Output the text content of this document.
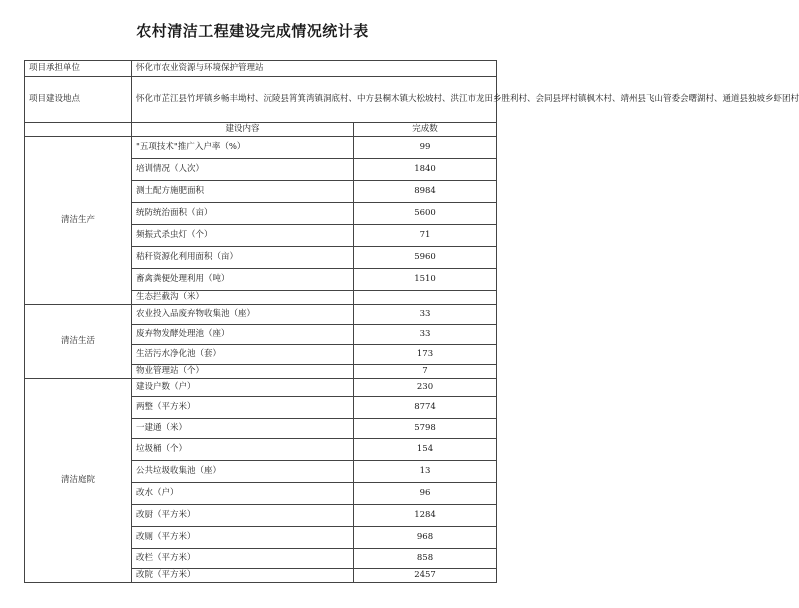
农村清洁工程建设完成情况统计表
项目承担单位	怀化市农业资源与环境保护管理站	
项目建设地点	怀化市芷江县竹坪镇乡畅丰坳村、沅陵县筲箕湾镇洞底村、中方县桐木镇大松坡村、洪江市龙田乡胜利村、会同县坪村镇枫木村、靖州县飞山管委会曙湖村、通道县独坡乡虾团村	
	建设内容	完成数
清洁生产	"五项技术"推广入户率（%）	99
	培训情况（人次）	1840
	测土配方施肥面积	8984
	统防统治面积（亩）	5600
	频振式杀虫灯（个）	71
	秸秆资源化利用面积（亩）	5960
	畜禽粪便处理利用（吨）	1510
	生态拦截沟（米）	
清洁生活	农业投入品废弃物收集池（座）	33
	废弃物发酵处理池（座）	33
	生活污水净化池（套）	173
	物业管理站（个）	7
清洁庭院	建设户数（户）	230
	两整（平方米）	8774
	一建通（米）	5798
	垃圾桶（个）	154
	公共垃圾收集池（座）	13
	改水（户）	96
	改厨（平方米）	1284
	改厕（平方米）	968
	改栏（平方米）	858
	改院（平方米）	2457
